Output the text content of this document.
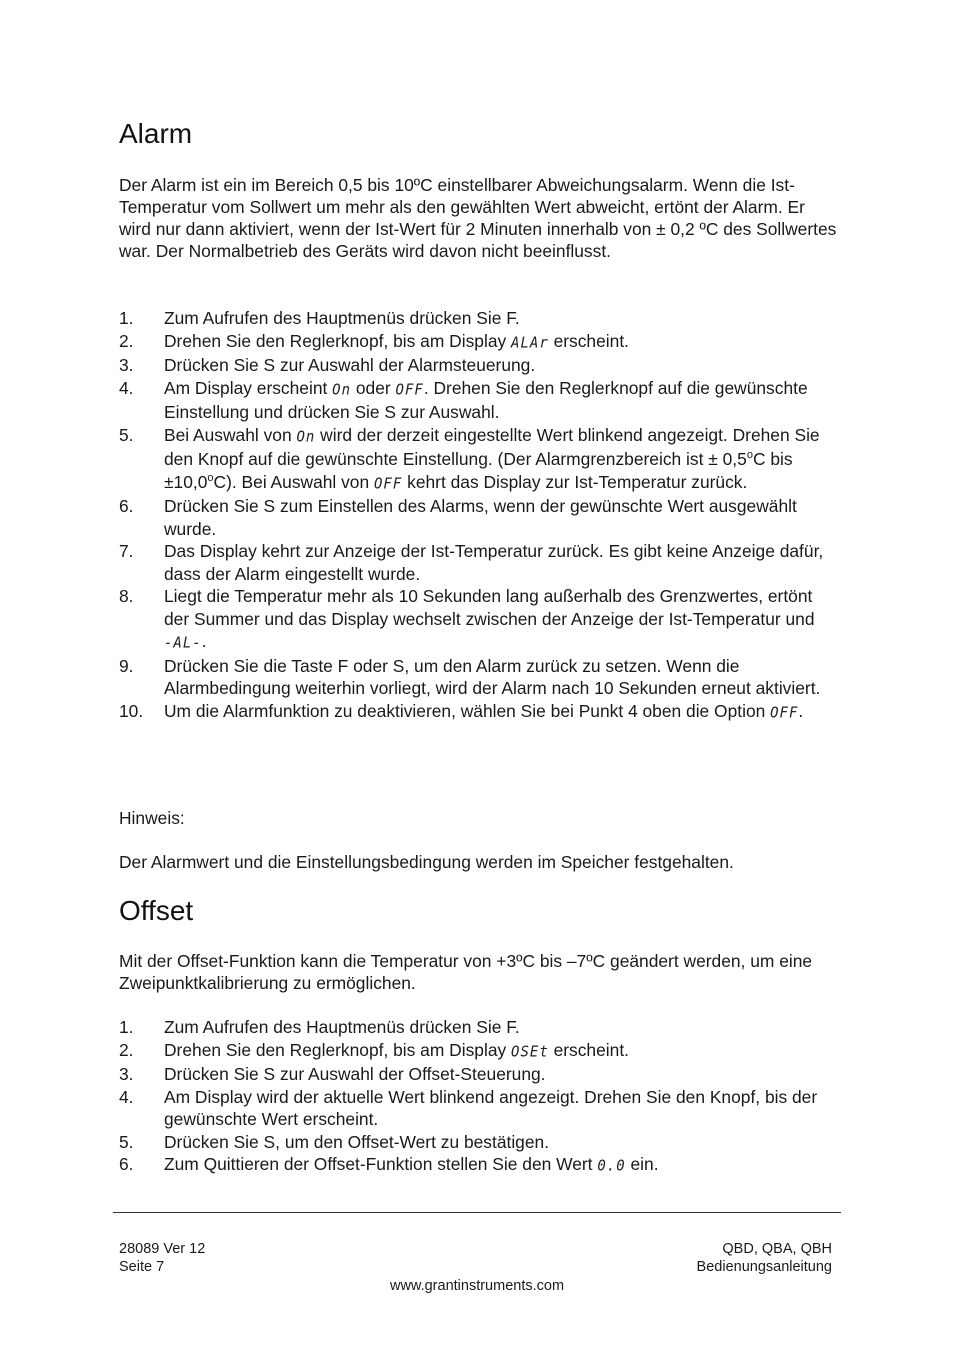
Alarm

Der Alarm ist ein im Bereich 0,5 bis 10ºC einstellbarer Abweichungsalarm. Wenn die Ist-Temperatur vom Sollwert um mehr als den gewählten Wert abweicht, ertönt der Alarm. Er wird nur dann aktiviert, wenn der Ist-Wert für 2 Minuten innerhalb von ± 0,2 ºC des Sollwertes war. Der Normalbetrieb des Geräts wird davon nicht beeinflusst.

1. Zum Aufrufen des Hauptmenüs drücken Sie F.
2. Drehen Sie den Reglerknopf, bis am Display ALAr erscheint.
3. Drücken Sie S zur Auswahl der Alarmsteuerung.
4. Am Display erscheint On oder OFF. Drehen Sie den Reglerknopf auf die gewünschte Einstellung und drücken Sie S zur Auswahl.
5. Bei Auswahl von On wird der derzeit eingestellte Wert blinkend angezeigt. Drehen Sie den Knopf auf die gewünschte Einstellung. (Der Alarmgrenzbereich ist ± $0,5^oC$ bis $\pm 10,0^oC$). Bei Auswahl von OFF kehrt das Display zur Ist-Temperatur zurück.
6. Drücken Sie S zum Einstellen des Alarms, wenn der gewünschte Wert ausgewählt wurde.
7. Das Display kehrt zur Anzeige der Ist-Temperatur zurück. Es gibt keine Anzeige dafür, dass der Alarm eingestellt wurde.
8. Liegt die Temperatur mehr als 10 Sekunden lang außerhalb des Grenzwertes, ertönt der Summer und das Display wechselt zwischen der Anzeige der Ist-Temperatur und -AL-.
9. Drücken Sie die Taste F oder S, um den Alarm zurück zu setzen. Wenn die Alarmbedingung weiterhin vorliegt, wird der Alarm nach 10 Sekunden erneut aktiviert.
10. Um die Alarmfunktion zu deaktivieren, wählen Sie bei Punkt 4 oben die Option OFF.

Hinweis:

Der Alarmwert und die Einstellungsbedingung werden im Speicher festgehalten.

Offset

Mit der Offset-Funktion kann die Temperatur von +3ºC bis –7ºC geändert werden, um eine Zweipunktkalibrierung zu ermöglichen.

1. Zum Aufrufen des Hauptmenüs drücken Sie F.
2. Drehen Sie den Reglerknopf, bis am Display OSEt erscheint.
3. Drücken Sie S zur Auswahl der Offset-Steuerung.
4. Am Display wird der aktuelle Wert blinkend angezeigt. Drehen Sie den Knopf, bis der gewünschte Wert erscheint.
5. Drücken Sie S, um den Offset-Wert zu bestätigen.
6. Zum Quittieren der Offset-Funktion stellen Sie den Wert 0.0 ein.
28089 Ver 12
Seite 7
QBD, QBA, QBH
Bedienungsanleitung
www.grantinstruments.com
